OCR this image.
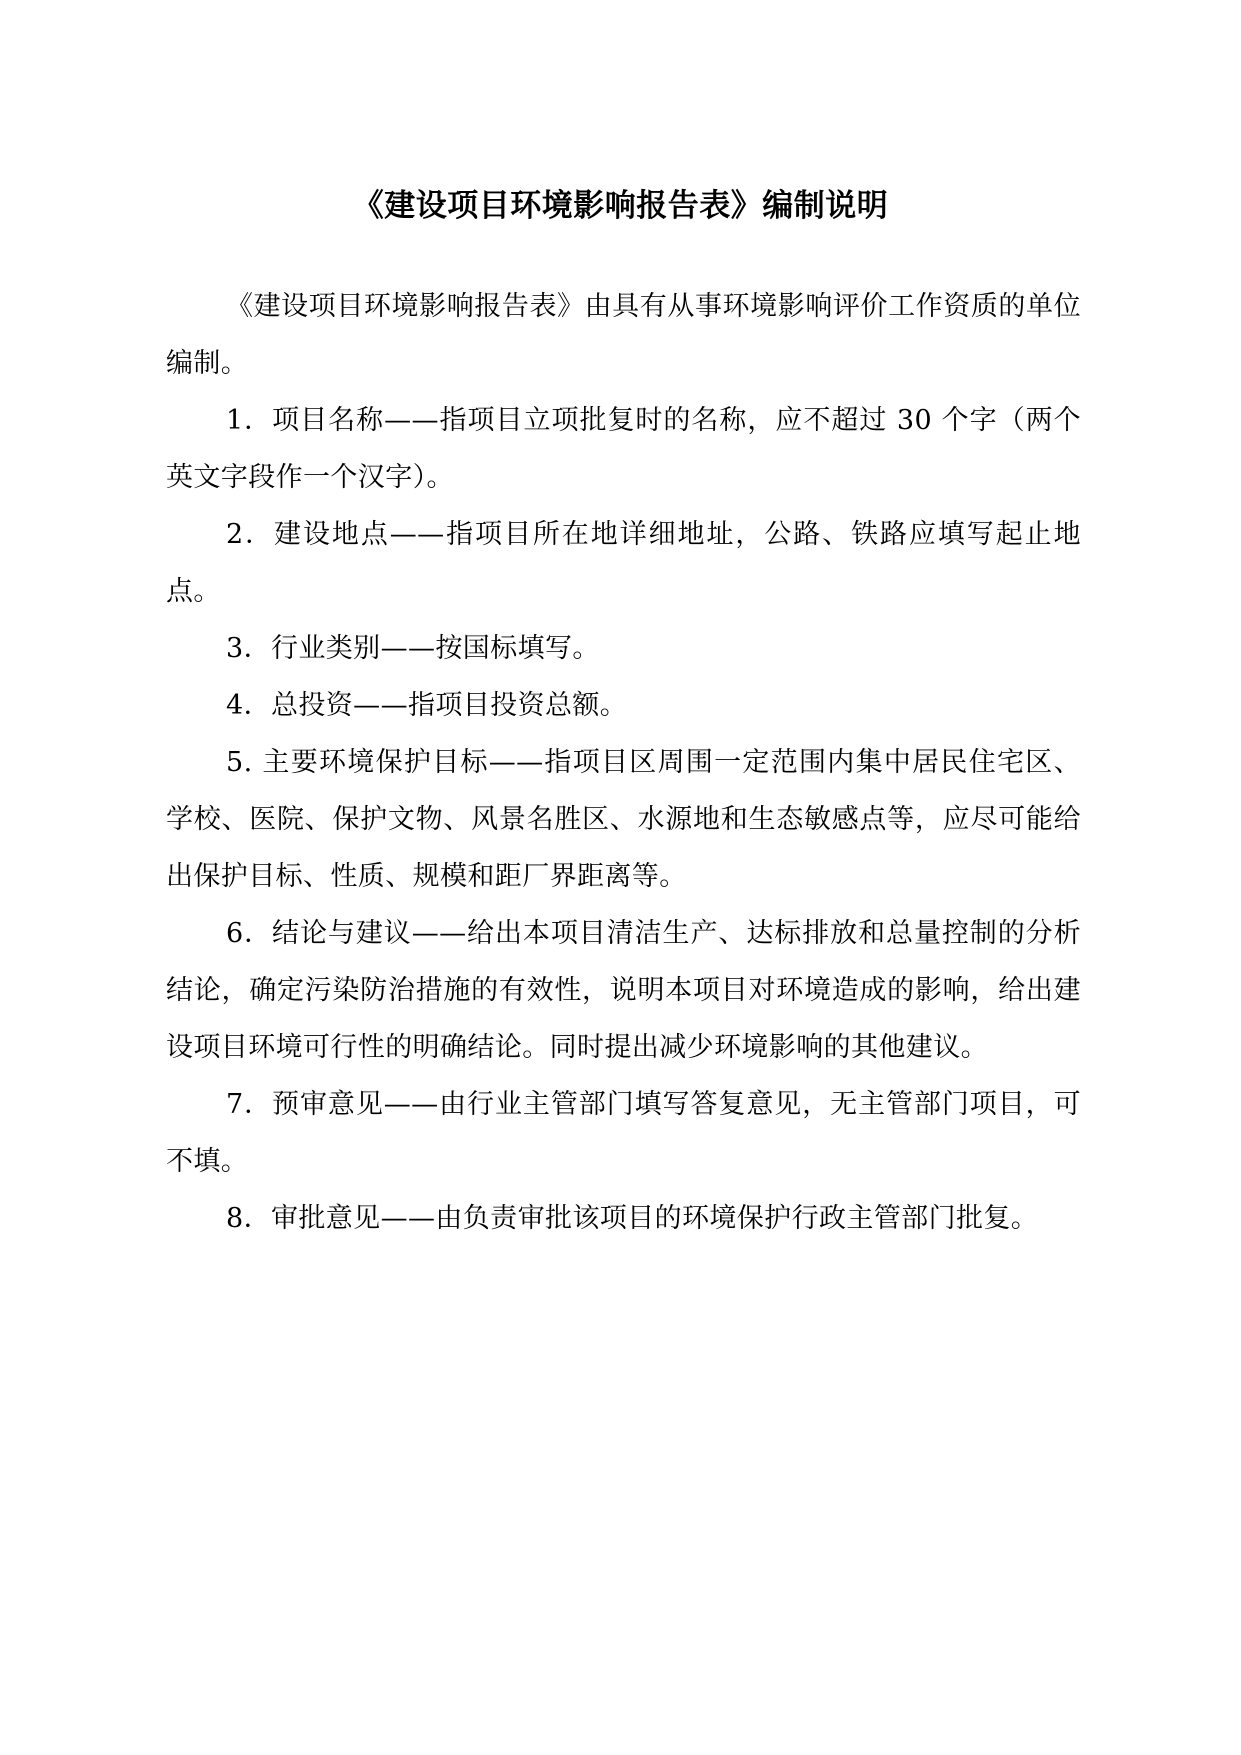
《建设项目环境影响报告表》编制说明

《建设项目环境影响报告表》由具有从事环境影响评价工作资质的单位编制。

1．项目名称——指项目立项批复时的名称，应不超过 30 个字（两个英文字段作一个汉字）。

2．建设地点——指项目所在地详细地址，公路、铁路应填写起止地点。

3．行业类别——按国标填写。

4．总投资——指项目投资总额。

5. 主要环境保护目标——指项目区周围一定范围内集中居民住宅区、学校、医院、保护文物、风景名胜区、水源地和生态敏感点等，应尽可能给出保护目标、性质、规模和距厂界距离等。

6．结论与建议——给出本项目清洁生产、达标排放和总量控制的分析结论，确定污染防治措施的有效性，说明本项目对环境造成的影响，给出建设项目环境可行性的明确结论。同时提出减少环境影响的其他建议。

7．预审意见——由行业主管部门填写答复意见，无主管部门项目，可不填。

8．审批意见——由负责审批该项目的环境保护行政主管部门批复。
